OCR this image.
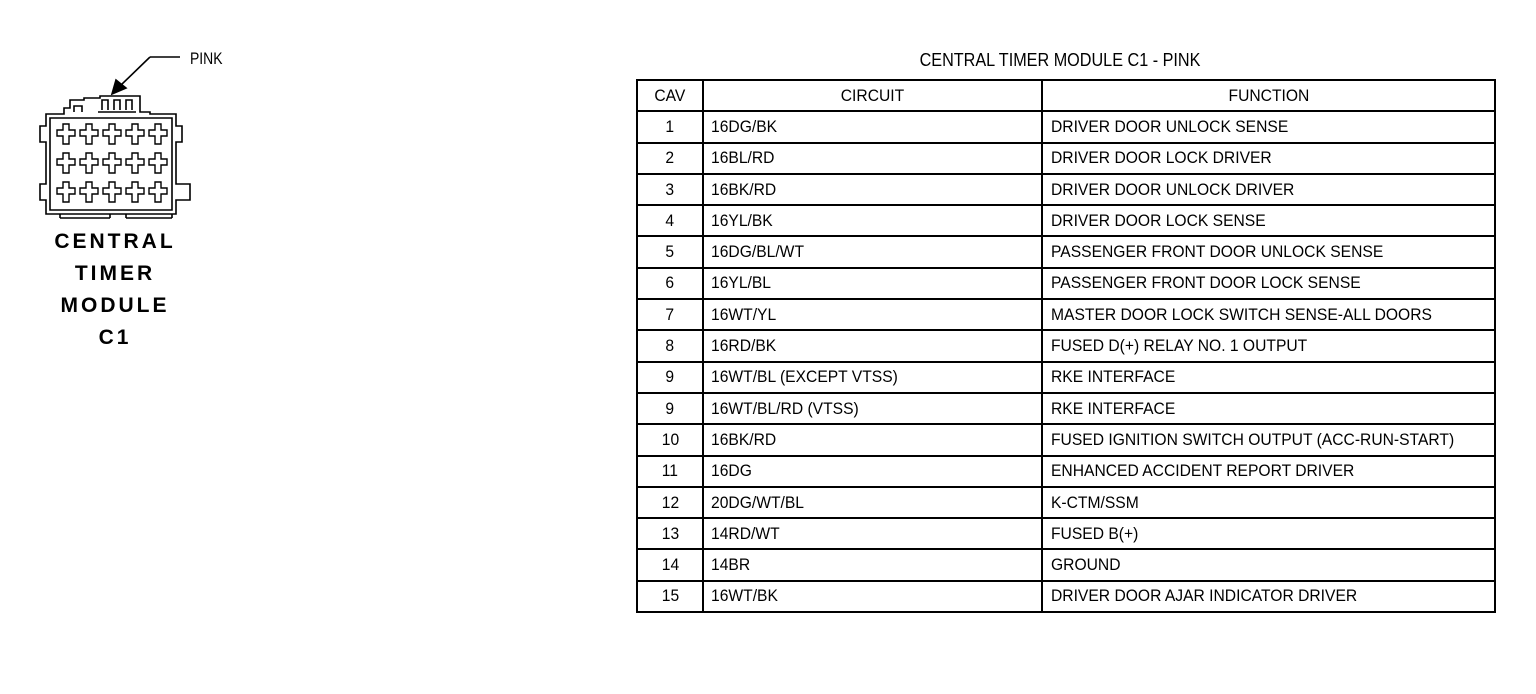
PINK
CENTRAL
TIMER
MODULE
C1
CENTRAL TIMER MODULE C1 - PINK
CAV	CIRCUIT	FUNCTION
1	16DG/BK	DRIVER DOOR UNLOCK SENSE
2	16BL/RD	DRIVER DOOR LOCK DRIVER
3	16BK/RD	DRIVER DOOR UNLOCK DRIVER
4	16YL/BK	DRIVER DOOR LOCK SENSE
5	16DG/BL/WT	PASSENGER FRONT DOOR UNLOCK SENSE
6	16YL/BL	PASSENGER FRONT DOOR LOCK SENSE
7	16WT/YL	MASTER DOOR LOCK SWITCH SENSE-ALL DOORS
8	16RD/BK	FUSED D(+) RELAY NO. 1 OUTPUT
9	16WT/BL (EXCEPT VTSS)	RKE INTERFACE
9	16WT/BL/RD (VTSS)	RKE INTERFACE
10	16BK/RD	FUSED IGNITION SWITCH OUTPUT (ACC-RUN-START)
11	16DG	ENHANCED ACCIDENT REPORT DRIVER
12	20DG/WT/BL	K-CTM/SSM
13	14RD/WT	FUSED B(+)
14	14BR	GROUND
15	16WT/BK	DRIVER DOOR AJAR INDICATOR DRIVER
